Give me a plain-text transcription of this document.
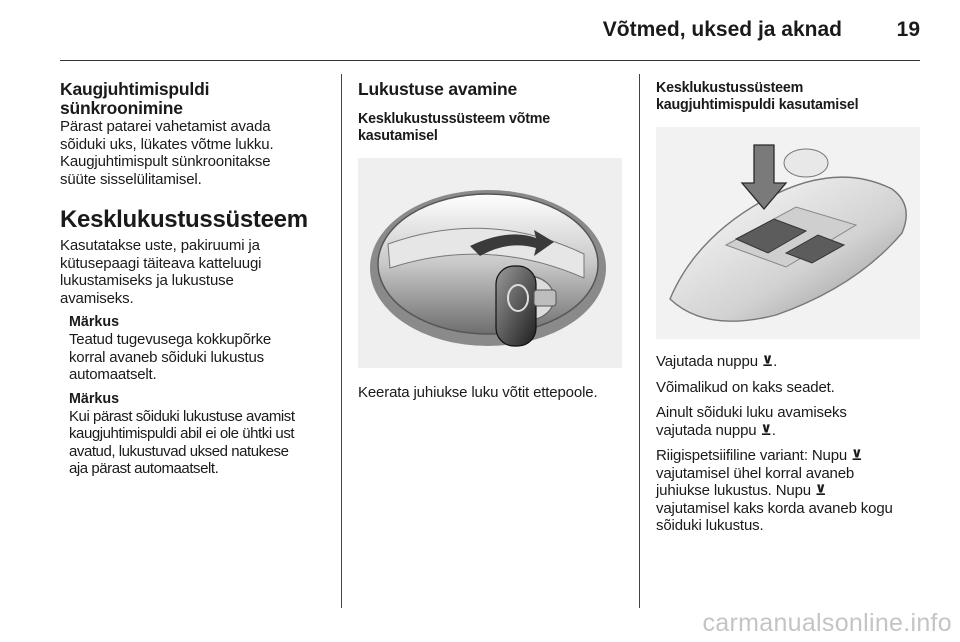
Võtmed, uksed ja aknad	19
Kaugjuhtimispuldi
sünkroonimine

Pärast patarei vahetamist avada

sõiduki uks, lükates võtme lukku.

Kaugjuhtimispult sünkroonitakse

süüte sisselülitamisel.

Kesklukustussüsteem

Kasutatakse uste, pakiruumi ja

kütusepaagi täiteava katteluugi

lukustamiseks ja lukustuse

avamiseks.

Märkus
Teatud tugevusega kokkupõrke
korral avaneb sõiduki lukustus
automaatselt.
Märkus
Kui pärast sõiduki lukustuse avamist
kaugjuhtimispuldi abil ei ole ühtki ust
avatud, lukustuvad uksed natukese
aja pärast automaatselt.
Lukustuse avamine
Kesklukustussüsteem võtme
kasutamisel

Keerata juhiukse luku võtit ettepoole.

Kesklukustussüsteem
kaugjuhtimispuldi kasutamisel

Vajutada nuppu ⊻.

Võimalikud on kaks seadet.

Ainult sõiduki luku avamiseks
vajutada nuppu ⊻.

Riigispetsiifiline variant: Nupu ⊻
vajutamisel ühel korral avaneb
juhiukse lukustus. Nupu ⊻
vajutamisel kaks korda avaneb kogu
sõiduki lukustus.

carmanualsonline.info
